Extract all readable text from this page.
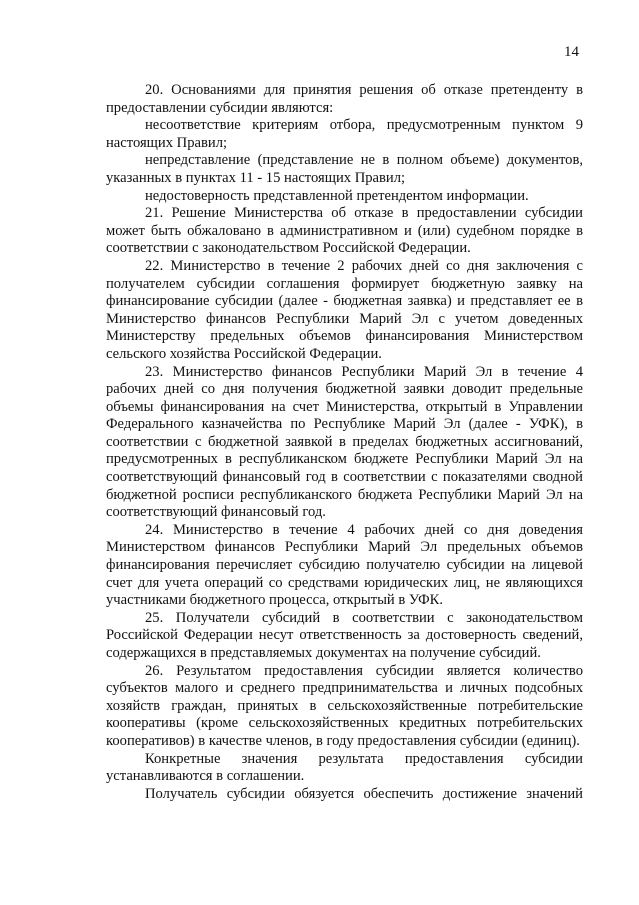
14

20. Основаниями для принятия решения об отказе претенденту в предоставлении субсидии являются:

несоответствие критериям отбора, предусмотренным пунктом 9 настоящих Правил;

непредставление (представление не в полном объеме) документов, указанных в пунктах 11 - 15 настоящих Правил;

недостоверность представленной претендентом информации.

21. Решение Министерства об отказе в предоставлении субсидии может быть обжаловано в административном и (или) судебном порядке в соответствии с законодательством Российской Федерации.

22. Министерство в течение 2 рабочих дней со дня заключения с получателем субсидии соглашения формирует бюджетную заявку на финансирование субсидии (далее - бюджетная заявка) и представляет ее в Министерство финансов Республики Марий Эл с учетом доведенных Министерству предельных объемов финансирования Министерством сельского хозяйства Российской Федерации.

23. Министерство финансов Республики Марий Эл в течение 4 рабочих дней со дня получения бюджетной заявки доводит предельные объемы финансирования на счет Министерства, открытый в Управлении Федерального казначейства по Республике Марий Эл (далее - УФК), в соответствии с бюджетной заявкой в пределах бюджетных ассигнований, предусмотренных в республиканском бюджете Республики Марий Эл на соответствующий финансовый год в соответствии с показателями сводной бюджетной росписи республиканского бюджета Республики Марий Эл на соответствующий финансовый год.

24. Министерство в течение 4 рабочих дней со дня доведения Министерством финансов Республики Марий Эл предельных объемов финансирования перечисляет субсидию получателю субсидии на лицевой счет для учета операций со средствами юридических лиц, не являющихся участниками бюджетного процесса, открытый в УФК.

25. Получатели субсидий в соответствии с законодательством Российской Федерации несут ответственность за достоверность сведений, содержащихся в представляемых документах на получение субсидий.

26. Результатом предоставления субсидии является количество субъектов малого и среднего предпринимательства и личных подсобных хозяйств граждан, принятых в сельскохозяйственные потребительские кооперативы (кроме сельскохозяйственных кредитных потребительских кооперативов) в качестве членов, в году предоставления субсидии (единиц).

Конкретные значения результата предоставления субсидии устанавливаются в соглашении.

Получатель субсидии обязуется обеспечить достижение значений
